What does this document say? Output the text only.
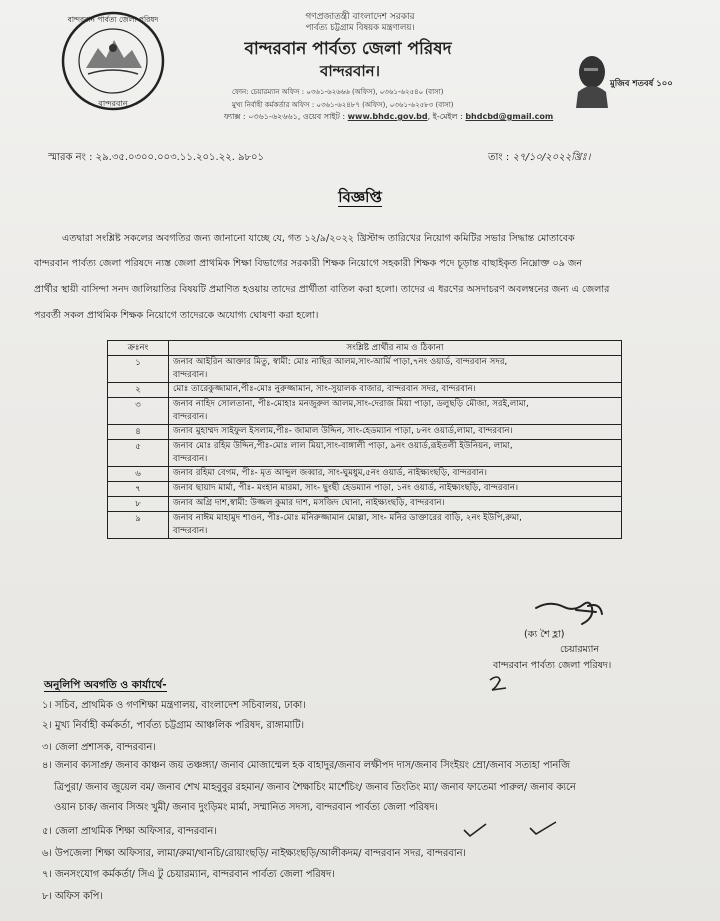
বান্দরবান পার্বত্য জেলা পরিষদ
বান্দরবান
মুজিব শতবর্ষ ১০০
গণপ্রজাতন্ত্রী বাংলাদেশ সরকার
পার্বত্য চট্টগ্রাম বিষয়ক মন্ত্রণালয়।
বান্দরবান পার্বত্য জেলা পরিষদ
বান্দরবান।
ফোন: চেয়ারম্যান অফিস : ০৩৬১-৬২৬৬৬ (অফিস), ০৩৬১-৬২৫৪০ (বাসা)
মুখ্য নির্বাহী কর্মকর্তার অফিস : ০৩৬১-৬২৪৮৭ (অফিস), ০৩৬১-৬২৫৮৩ (বাসা)
ফ্যাক্স : ০৩৬১-৬২৬৬১, ওয়েব সাইট : www.bhdc.gov.bd, ই-মেইল : bhdcbd@gmail.com
স্মারক নং : ২৯.৩৫.০৩০০.০০৩.১১.২০১.২২. ৯৮০১	তাং : ২৭/১০/২০২২খ্রিঃ।
বিজ্ঞপ্তি
এতদ্বারা সংশ্লিষ্ট সকলের অবগতির জন্য জানানো যাচ্ছে যে, গত ১২/৯/২০২২ খ্রিস্টাব্দ তারিখের নিয়োগ কমিটির সভার সিদ্ধান্ত মোতাবেক
বান্দরবান পার্বত্য জেলা পরিষদে ন্যস্ত জেলা প্রাথমিক শিক্ষা বিভাগের সরকারী শিক্ষক নিয়োগে সহকারী শিক্ষক পদে চূড়ান্ত বাছাইকৃত নিম্নোক্ত ০৯ জন
প্রার্থীর স্থায়ী বাসিন্দা সনদ জালিয়াতির বিষয়টি প্রমাণিত হওয়ায় তাদের প্রার্থীতা বাতিল করা হলো। তাদের এ ধরণের অসদাচরণ অবলম্বনের জন্য এ জেলার
পরবর্তী সকল প্রাথমিক শিক্ষক নিয়োগে তাদেরকে অযোগ্য ঘোষণা করা হলো।
ক্রঃনং	সংশ্লিষ্ট প্রার্থীর নাম ও ঠিকানা
১	জনাব আইরিন আক্তার মিতু, স্বামী: মোঃ নাছির আলম,সাং-আর্মি পাড়া,৭নং ওয়ার্ড, বান্দরবান সদর,
বান্দরবান।

২	মোঃ তারেকুজ্জামান,পীঃ-মোঃ নুরুজ্জামান, সাং-সুয়ালক বাজার, বান্দরবান সদর, বান্দরবান।

৩	জনাব নাহিদ সোলতানা, পীঃ-মোহাঃ মনজুরুল আলম,সাং-দেরাজ মিয়া পাড়া, ডলুছড়ি মৌজা, সরই,লামা,
বান্দরবান।

৪	জনাব মুহাম্মদ সাইফুল ইসলাম,পীঃ- জামাল উদ্দিন, সাং-হেডম্যান পাড়া, ৮নং ওয়ার্ড,লামা, বান্দরবান।

৫	জনাব মোঃ রহিম উদ্দিন,পীঃ-মোঃ লাল মিয়া,সাং-বাঙ্গালী পাড়া, ৯নং ওয়ার্ড,রূইতলী ইউনিয়ন, লামা,
বান্দরবান।

৬	জনাব রহিমা বেগম, পীঃ- মৃত আব্দুল জব্বার, সাং-ঘুমধুম,৫নং ওয়ার্ড, নাইক্ষ্যংছড়ি, বান্দরবান।

৭	জনাব ছায়াদ মার্মা, পীঃ- মংহান মারমা, সাং- ছুংছী হেডম্যান পাড়া, ১নং ওয়ার্ড, নাইক্ষ্যংছড়ি, বান্দরবান।

৮	জনাব অগ্রি দাশ,স্বামী: উজ্জল কুমার দাশ, মসজিদ ঘোনা, নাইক্ষ্যংছড়ি, বান্দরবান।

৯	জনাব নাঈম মাহামুদ শাওন, পীঃ-মোঃ মনিরুজ্জামান মোল্লা, সাং- মনির ডাক্তারের বাড়ি, ২নং ইউপি,রুমা,
বান্দরবান।
(ক্য শৈ হ্লা)
চেয়ারম্যান
বান্দরবান পার্বত্য জেলা পরিষদ।
অনুলিপি অবগতি ও কার্যার্থে-
১। সচিব, প্রাথমিক ও গণশিক্ষা মন্ত্রণালয়, বাংলাদেশ সচিবালয়, ঢাকা।
২। মুখ্য নির্বাহী কর্মকর্তা, পার্বত্য চট্টগ্রাম আঞ্চলিক পরিষদ, রাঙ্গামাটি।
৩। জেলা প্রশাসক, বান্দরবান।
৪। জনাব ক্যসাপ্রু/ জনাব কাঞ্চন জয় তঞ্চঙ্গ্যা/ জনাব মোজাম্মেল হক বাহাদুর/জনাব লক্ষীপদ দাস/জনাব সিংইয়ং ম্রো/জনাব সত্যহা পানজি
ত্রিপুরা/ জনাব জুয়েল বম/ জনাব শেখ মাহবুবুর রহমান/ জনাব শৈক্ষাচিং মার্শেচিং/ জনাব তিংতিং ম্যা/ জনাব ফাতেমা পারুল/ জনাব ক্যনে
ওয়ান চাক/ জনাব সিঅং খুমী/ জনাব দুংড়িমং মার্মা, সম্মানিত সদস্য, বান্দরবান পার্বত্য জেলা পরিষদ।
৫। জেলা প্রাথমিক শিক্ষা অফিসার, বান্দরবান।
৬। উপজেলা শিক্ষা অফিসার, লামা/রুমা/থানচি/রোয়াংছড়ি/ নাইক্ষ্যংছড়ি/আলীকদম/ বান্দরবান সদর, বান্দরবান।
৭। জনসংযোগ কর্মকর্তা/ সিএ টু চেয়ারম্যান, বান্দরবান পার্বত্য জেলা পরিষদ।
৮। অফিস কপি।
